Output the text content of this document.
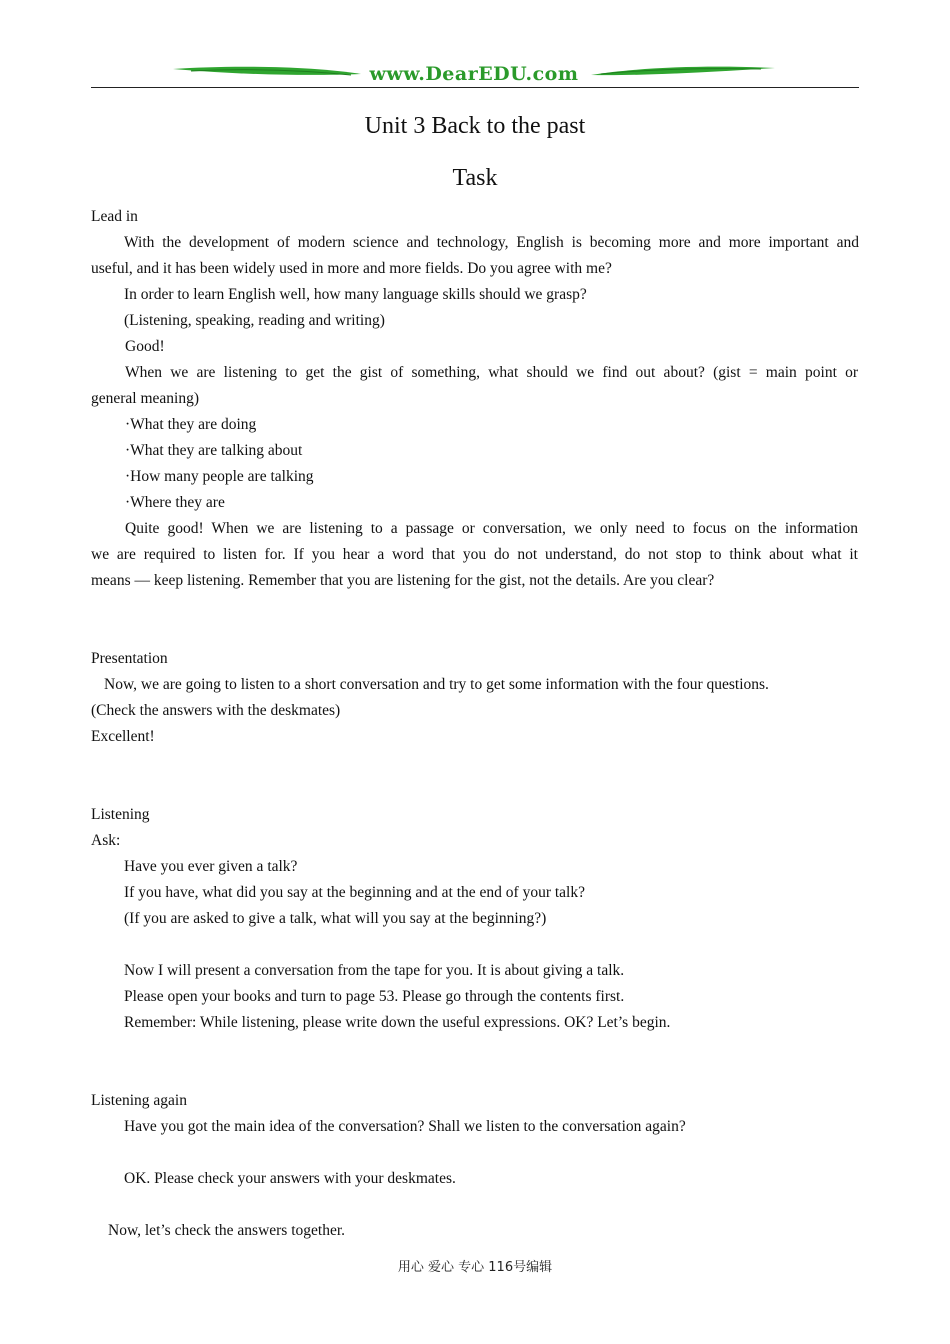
www.DearEDU.com
Unit 3 Back to the past
Task
Lead in
With the development of modern science and technology, English is becoming more and more important and
useful, and it has been widely used in more and more fields. Do you agree with me?
In order to learn English well, how many language skills should we grasp?
(Listening, speaking, reading and writing)
Good!
When we are listening to get the gist of something, what should we find out about? (gist = main point or
general meaning)
·What they are doing
·What they are talking about
·How many people are talking
·Where they are
Quite good! When we are listening to a passage or conversation, we only need to focus on the information
we are required to listen for. If you hear a word that you do not understand, do not stop to think about what it
means — keep listening. Remember that you are listening for the gist, not the details. Are you clear?
Presentation
Now, we are going to listen to a short conversation and try to get some information with the four questions.
(Check the answers with the deskmates)
Excellent!
Listening
Ask:
Have you ever given a talk?
If you have, what did you say at the beginning and at the end of your talk?
(If you are asked to give a talk, what will you say at the beginning?)
Now I will present a conversation from the tape for you. It is about giving a talk.
Please open your books and turn to page 53. Please go through the contents first.
Remember: While listening, please write down the useful expressions. OK? Let’s begin.
Listening again
Have you got the main idea of the conversation? Shall we listen to the conversation again?
OK. Please check your answers with your deskmates.
Now, let’s check the answers together.
用心 爱心 专心 116号编辑
